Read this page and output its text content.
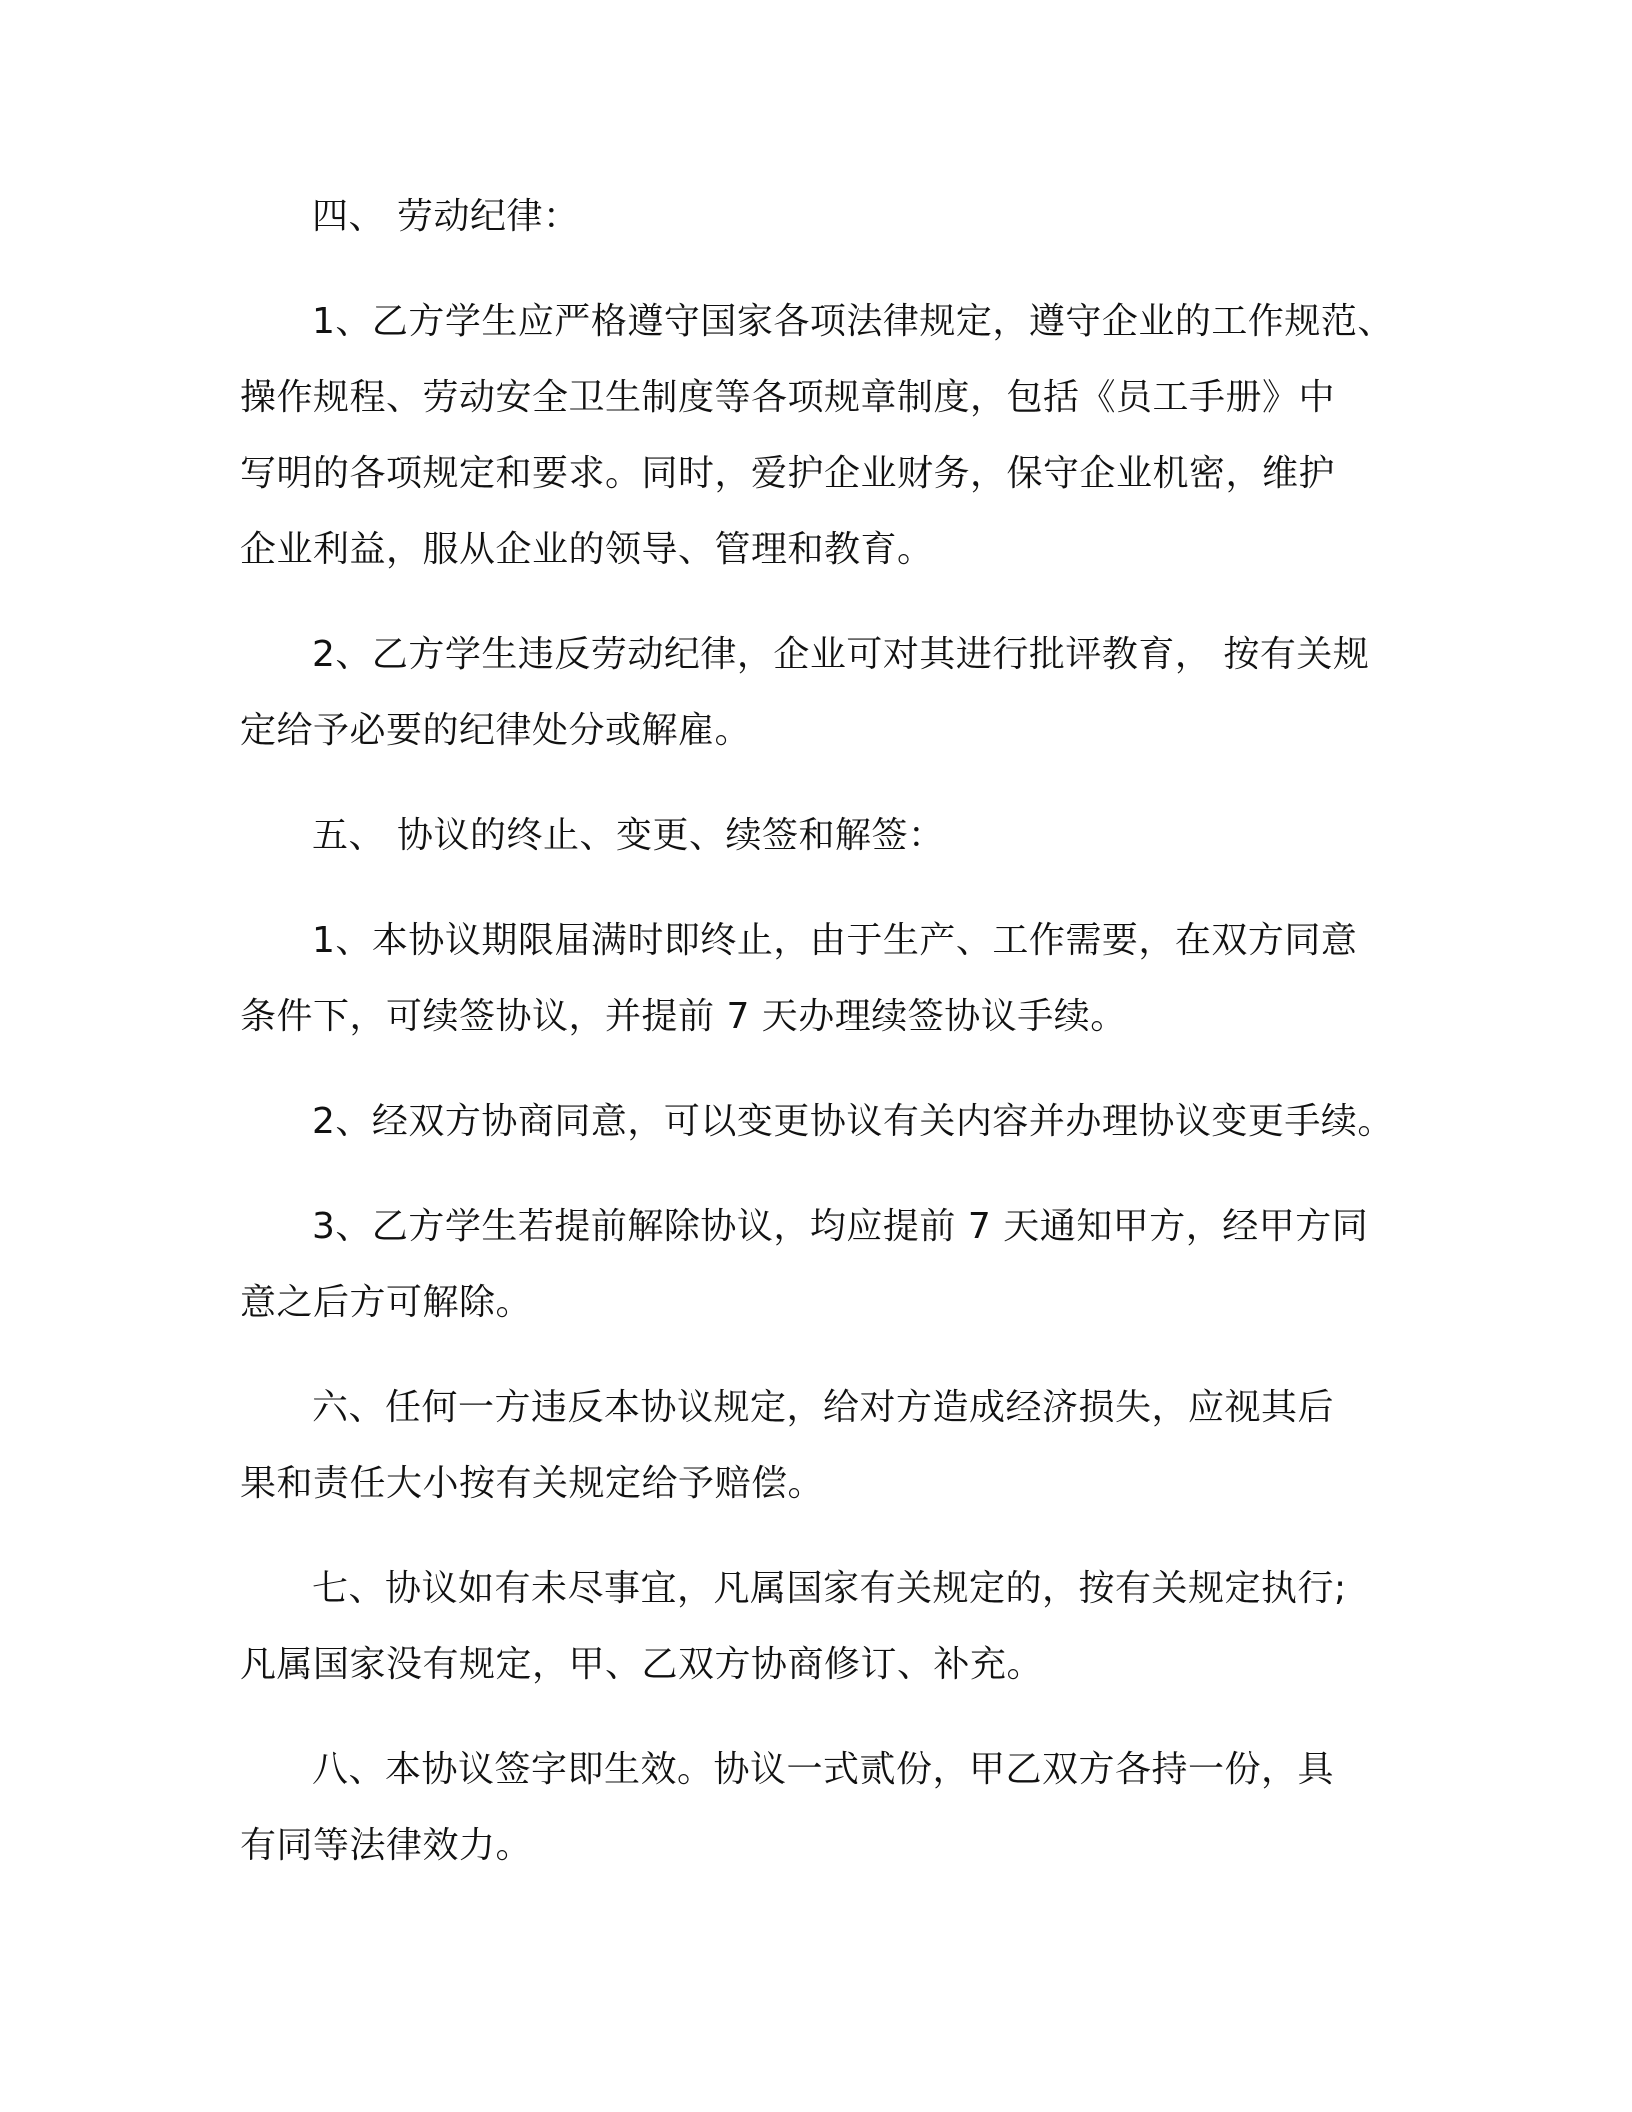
四、 劳动纪律：

1、乙方学生应严格遵守国家各项法律规定，遵守企业的工作规范、

操作规程、劳动安全卫生制度等各项规章制度，包括《员工手册》中

写明的各项规定和要求。同时，爱护企业财务，保守企业机密，维护

企业利益，服从企业的领导、管理和教育。

2、乙方学生违反劳动纪律，企业可对其进行批评教育， 按有关规

定给予必要的纪律处分或解雇。

五、 协议的终止、变更、续签和解签：

1、本协议期限届满时即终止，由于生产、工作需要，在双方同意

条件下，可续签协议，并提前 7 天办理续签协议手续。

2、经双方协商同意，可以变更协议有关内容并办理协议变更手续。

3、乙方学生若提前解除协议，均应提前 7 天通知甲方，经甲方同

意之后方可解除。

六、任何一方违反本协议规定，给对方造成经济损失，应视其后

果和责任大小按有关规定给予赔偿。

七、协议如有未尽事宜，凡属国家有关规定的，按有关规定执行;

凡属国家没有规定，甲、乙双方协商修订、补充。

八、本协议签字即生效。协议一式贰份，甲乙双方各持一份，具

有同等法律效力。
